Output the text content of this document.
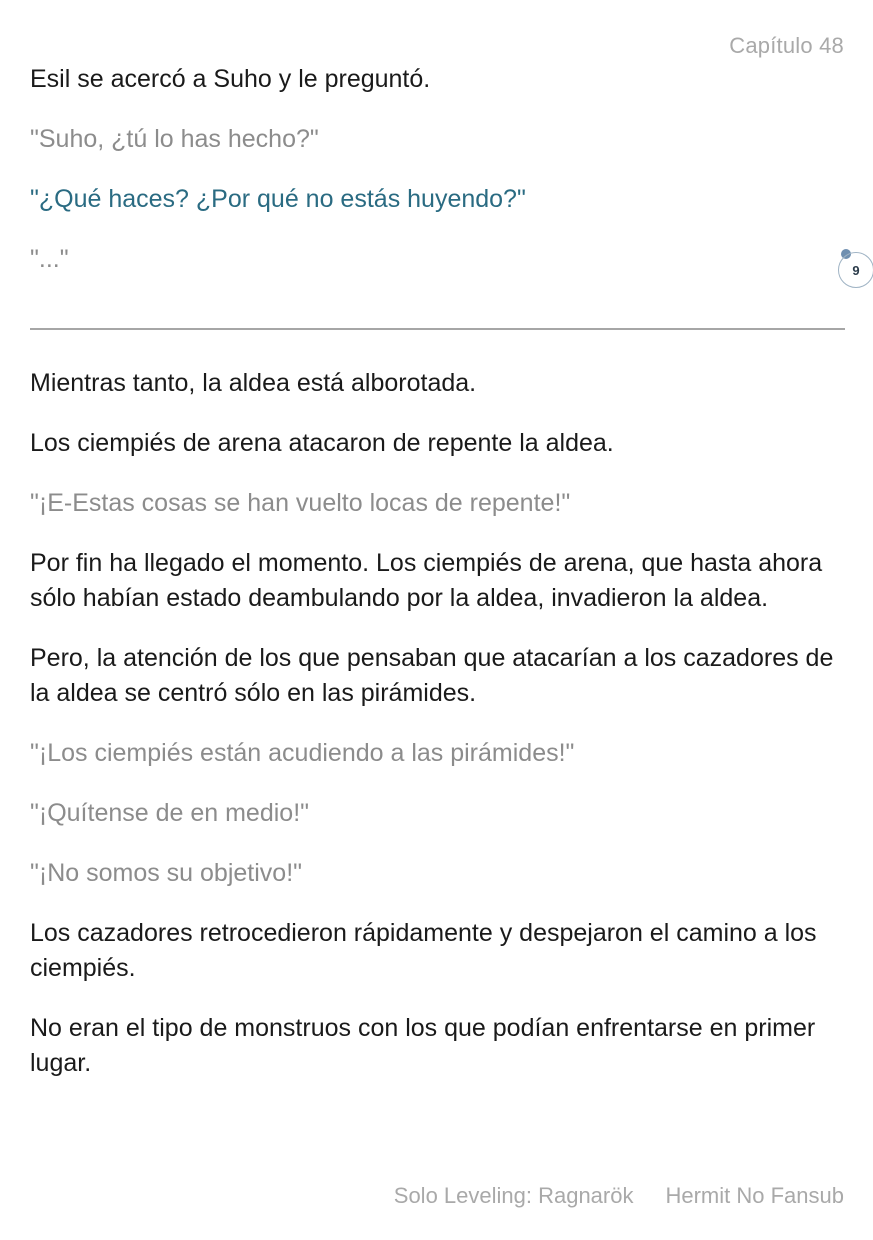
Capítulo 48

Esil se acercó a Suho y le preguntó.

"Suho, ¿tú lo has hecho?"

"¿Qué haces? ¿Por qué no estás huyendo?"

"..."	9

Mientras tanto, la aldea está alborotada.

Los ciempiés de arena atacaron de repente la aldea.

"¡E-Estas cosas se han vuelto locas de repente!"

Por fin ha llegado el momento. Los ciempiés de arena, que hasta ahora sólo habían estado deambulando por la aldea, invadieron la aldea.

Pero, la atención de los que pensaban que atacarían a los cazadores de la aldea se centró sólo en las pirámides.

"¡Los ciempiés están acudiendo a las pirámides!"

"¡Quítense de en medio!"

"¡No somos su objetivo!"

Los cazadores retrocedieron rápidamente y despejaron el camino a los ciempiés.

No eran el tipo de monstruos con los que podían enfrentarse en primer lugar.

Solo Leveling: Ragnarök Hermit No Fansub
